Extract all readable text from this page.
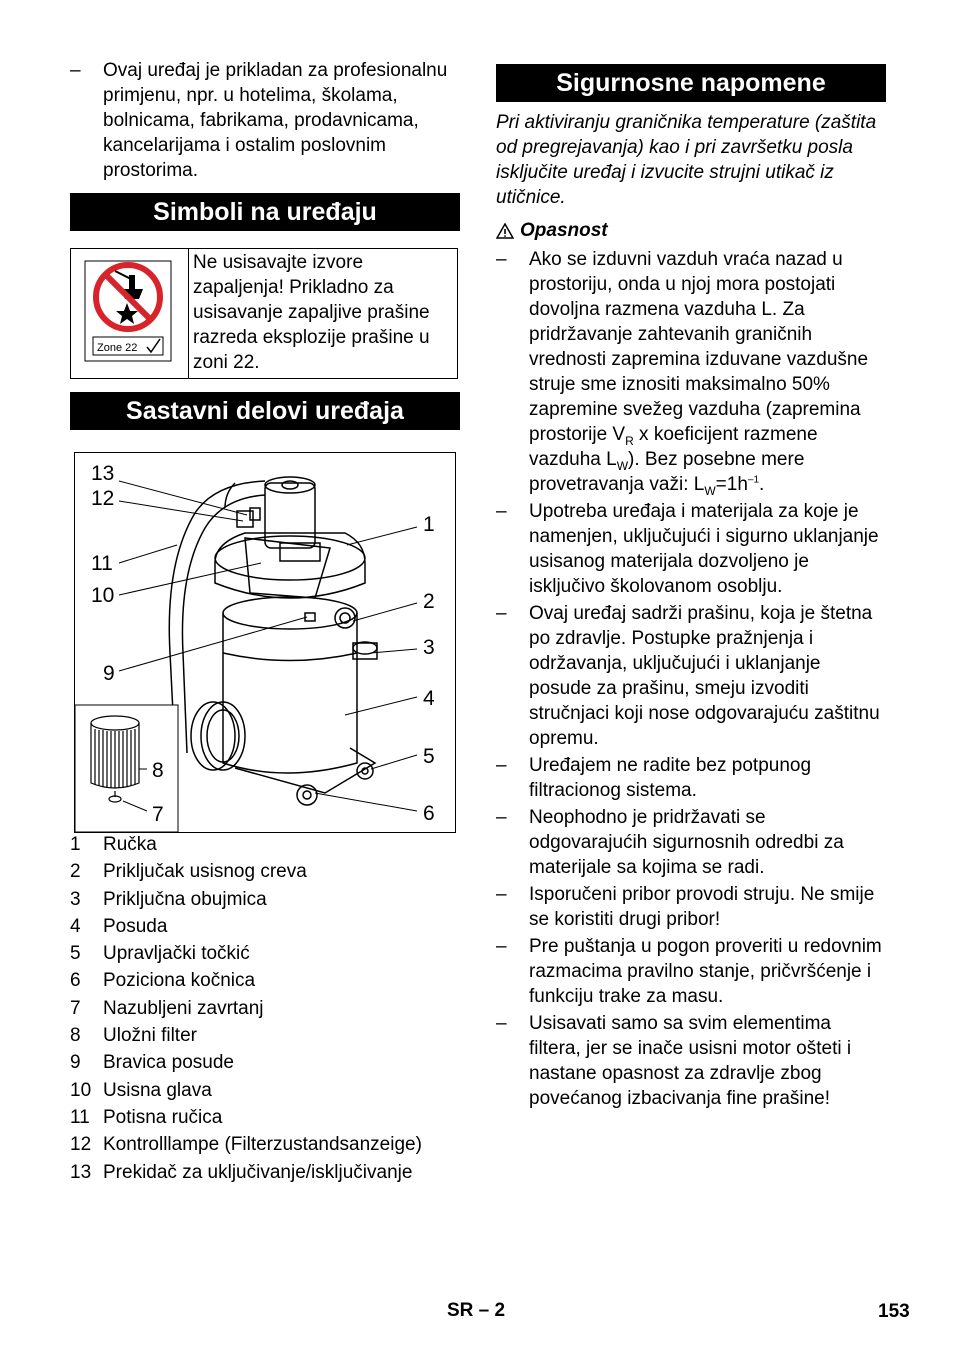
– Ovaj uređaj je prikladan za profesionalnu primjenu, npr. u hotelima, školama, bolnicama, fabrikama, prodavnicama, kancelarijama i ostalim poslovnim prostorima.
Simboli na uređaju
Zone 22
Ne usisavajte izvore zapaljenja! Prikladno za usisavanje zapaljive prašine razreda eksplozije prašine u zoni 22.
Sastavni delovi uređaja
13
12
11
10
9
1
2
3
4
5
6
8
7
1	Ručka
2	Priključak usisnog creva
3	Priključna obujmica
4	Posuda
5	Upravljački točkić
6	Poziciona kočnica
7	Nazubljeni zavrtanj
8	Uložni filter
9	Bravica posude
10 Usisna glava
11 Potisna ručica
12 Kontrolllampe (Filterzustandsanzeige)
13 Prekidač za uključivanje/isključivanje
Sigurnosne napomene
Pri aktiviranju graničnika temperature (zaštita od pregrejavanja) kao i pri završetku posla isključite uređaj i izvucite strujni utikač iz utičnice.
Opasnost
– Ako se izduvni vazduh vraća nazad u prostoriju, onda u njoj mora postojati dovoljna razmena vazduha L. Za pridržavanje zahtevanih graničnih vrednosti zapremina izduvane vazdušne struje sme iznositi maksimalno 50% zapremine svežeg vazduha (zapremina prostorije $V_R$ x koeficijent razmene vazduha $L_W$). Bez posebne mere provetravanja važi: $L_W=1h^{-1}$.
– Upotreba uređaja i materijala za koje je namenjen, uključujući i sigurno uklanjanje usisanog materijala dozvoljeno je isključivo školovanom osoblju.
– Ovaj uređaj sadrži prašinu, koja je štetna po zdravlje. Postupke pražnjenja i održavanja, uključujući i uklanjanje posude za prašinu, smeju izvoditi stručnjaci koji nose odgovarajuću zaštitnu opremu.
– Uređajem ne radite bez potpunog filtracionog sistema.
– Neophodno je pridržavati se odgovarajućih sigurnosnih odredbi za materijale sa kojima se radi.
– Isporučeni pribor provodi struju. Ne smije se koristiti drugi pribor!
– Pre puštanja u pogon proveriti u redovnim razmacima pravilno stanje, pričvršćenje i funkciju trake za masu.
– Usisavati samo sa svim elementima filtera, jer se inače usisni motor ošteti i nastane opasnost za zdravlje zbog povećanog izbacivanja fine prašine!
SR – 2	153
